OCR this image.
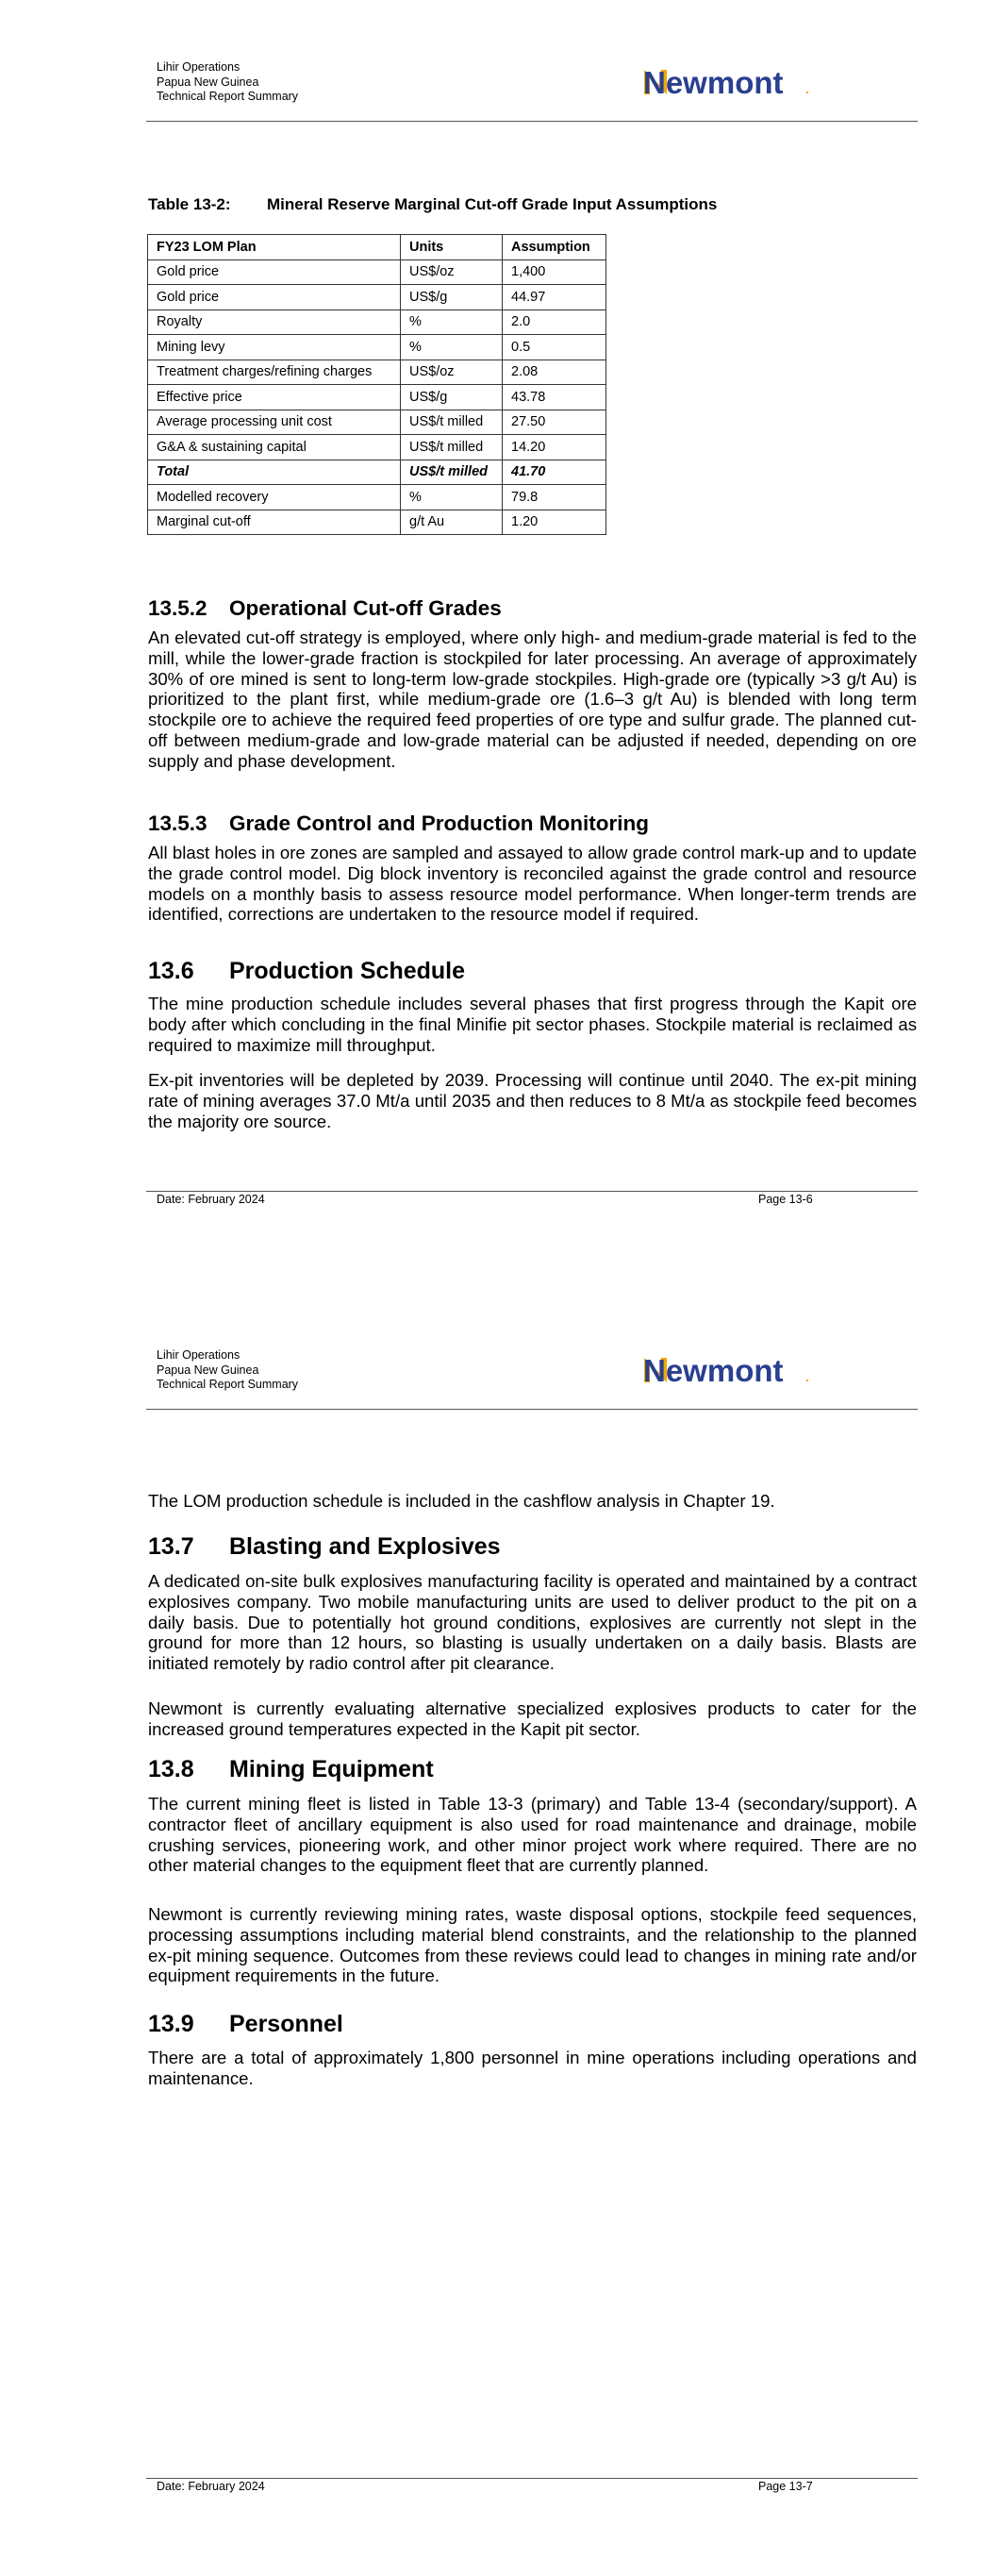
Lihir Operations
Papua New Guinea
Technical Report Summary	Newmont .
Table 13-2: Mineral Reserve Marginal Cut-off Grade Input Assumptions
FY23 LOM Plan	Units	Assumption
Gold price	US$/oz	1,400
Gold price	US$/g	44.97
Royalty	%	2.0
Mining levy	%	0.5
Treatment charges/refining charges	US$/oz	2.08
Effective price	US$/g	43.78
Average processing unit cost	US$/t milled	27.50
G&A & sustaining capital	US$/t milled	14.20
Total	US$/t milled	41.70
Modelled recovery	%	79.8
Marginal cut-off	g/t Au	1.20
13.5.2 Operational Cut-off Grades

An elevated cut-off strategy is employed, where only high- and medium-grade material is fed to the mill, while the lower-grade fraction is stockpiled for later processing. An average of approximately 30% of ore mined is sent to long-term low-grade stockpiles. High-grade ore (typically >3 g/t Au) is prioritized to the plant first, while medium-grade ore (1.6–3 g/t Au) is blended with long term stockpile ore to achieve the required feed properties of ore type and sulfur grade. The planned cut-off between medium-grade and low-grade material can be adjusted if needed, depending on ore supply and phase development.

13.5.3 Grade Control and Production Monitoring

All blast holes in ore zones are sampled and assayed to allow grade control mark-up and to update the grade control model. Dig block inventory is reconciled against the grade control and resource models on a monthly basis to assess resource model performance. When longer-term trends are identified, corrections are undertaken to the resource model if required.

13.6 Production Schedule

The mine production schedule includes several phases that first progress through the Kapit ore body after which concluding in the final Minifie pit sector phases. Stockpile material is reclaimed as required to maximize mill throughput.

Ex-pit inventories will be depleted by 2039. Processing will continue until 2040. The ex-pit mining rate of mining averages 37.0 Mt/a until 2035 and then reduces to 8 Mt/a as stockpile feed becomes the majority ore source.

Date: February 2024	Page 13-6
Lihir Operations
Papua New Guinea
Technical Report Summary	Newmont .

The LOM production schedule is included in the cashflow analysis in Chapter 19.

13.7 Blasting and Explosives

A dedicated on-site bulk explosives manufacturing facility is operated and maintained by a contract explosives company. Two mobile manufacturing units are used to deliver product to the pit on a daily basis. Due to potentially hot ground conditions, explosives are currently not slept in the ground for more than 12 hours, so blasting is usually undertaken on a daily basis. Blasts are initiated remotely by radio control after pit clearance.

Newmont is currently evaluating alternative specialized explosives products to cater for the increased ground temperatures expected in the Kapit pit sector.

13.8 Mining Equipment

The current mining fleet is listed in Table 13-3 (primary) and Table 13-4 (secondary/support). A contractor fleet of ancillary equipment is also used for road maintenance and drainage, mobile crushing services, pioneering work, and other minor project work where required. There are no other material changes to the equipment fleet that are currently planned.

Newmont is currently reviewing mining rates, waste disposal options, stockpile feed sequences, processing assumptions including material blend constraints, and the relationship to the planned ex-pit mining sequence. Outcomes from these reviews could lead to changes in mining rate and/or equipment requirements in the future.

13.9 Personnel

There are a total of approximately 1,800 personnel in mine operations including operations and maintenance.

Date: February 2024	Page 13-7
